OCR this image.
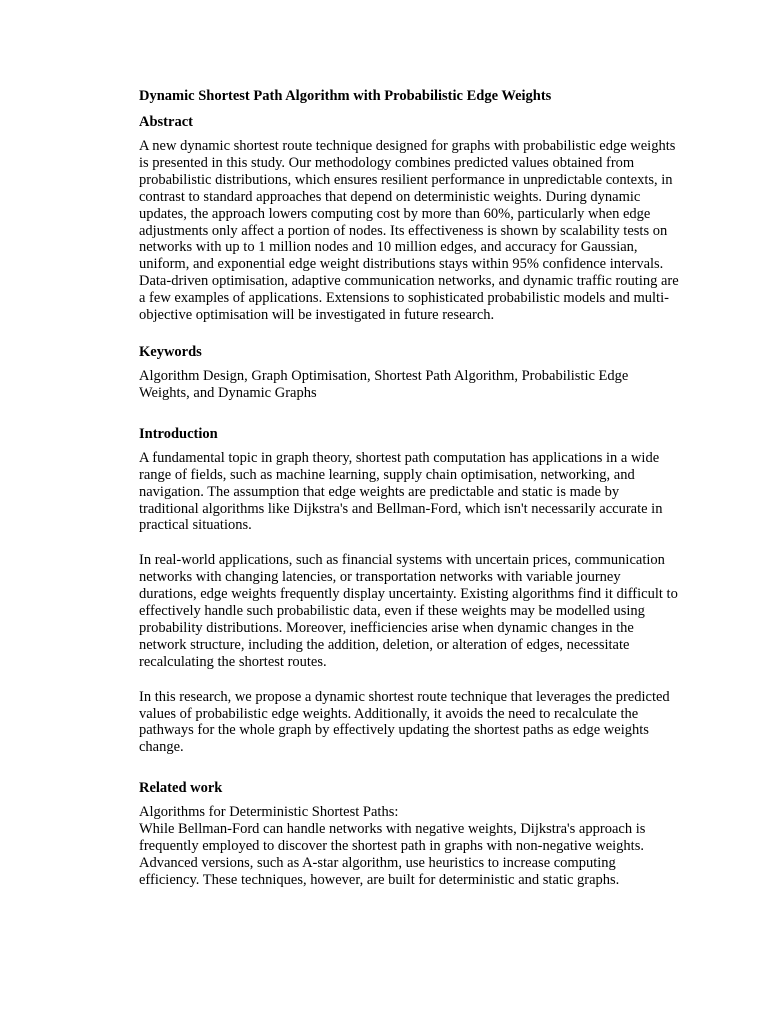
Dynamic Shortest Path Algorithm with Probabilistic Edge Weights
Abstract

A new dynamic shortest route technique designed for graphs with probabilistic edge weights is presented in this study. Our methodology combines predicted values obtained from probabilistic distributions, which ensures resilient performance in unpredictable contexts, in contrast to standard approaches that depend on deterministic weights. During dynamic updates, the approach lowers computing cost by more than 60%, particularly when edge adjustments only affect a portion of nodes. Its effectiveness is shown by scalability tests on networks with up to 1 million nodes and 10 million edges, and accuracy for Gaussian, uniform, and exponential edge weight distributions stays within 95% confidence intervals. Data-driven optimisation, adaptive communication networks, and dynamic traffic routing are a few examples of applications. Extensions to sophisticated probabilistic models and multi-objective optimisation will be investigated in future research.

Keywords

Algorithm Design, Graph Optimisation, Shortest Path Algorithm, Probabilistic Edge Weights, and Dynamic Graphs

Introduction

A fundamental topic in graph theory, shortest path computation has applications in a wide range of fields, such as machine learning, supply chain optimisation, networking, and navigation. The assumption that edge weights are predictable and static is made by traditional algorithms like Dijkstra's and Bellman-Ford, which isn't necessarily accurate in practical situations.

In real-world applications, such as financial systems with uncertain prices, communication networks with changing latencies, or transportation networks with variable journey durations, edge weights frequently display uncertainty. Existing algorithms find it difficult to effectively handle such probabilistic data, even if these weights may be modelled using probability distributions. Moreover, inefficiencies arise when dynamic changes in the network structure, including the addition, deletion, or alteration of edges, necessitate recalculating the shortest routes.

In this research, we propose a dynamic shortest route technique that leverages the predicted values of probabilistic edge weights. Additionally, it avoids the need to recalculate the pathways for the whole graph by effectively updating the shortest paths as edge weights change.

Related work

Algorithms for Deterministic Shortest Paths:

While Bellman-Ford can handle networks with negative weights, Dijkstra's approach is frequently employed to discover the shortest path in graphs with non-negative weights. Advanced versions, such as A-star algorithm, use heuristics to increase computing efficiency. These techniques, however, are built for deterministic and static graphs.
